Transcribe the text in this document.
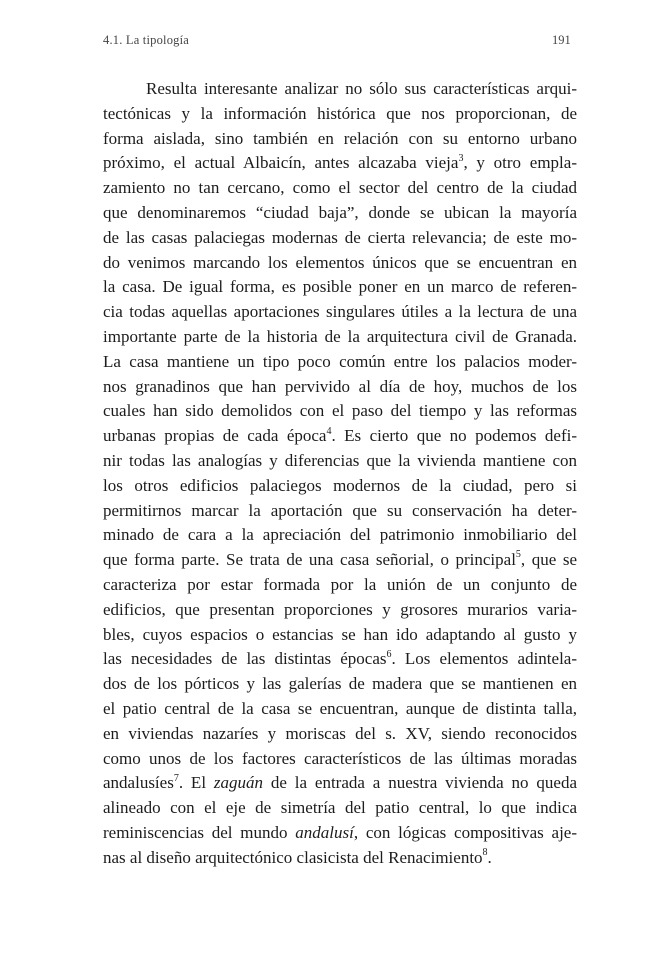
4.1. La tipología	191
Resulta interesante analizar no sólo sus características arqui-
tectónicas y la información histórica que nos proporcionan, de
forma aislada, sino también en relación con su entorno urbano
próximo, el actual Albaicín, antes alcazaba vieja$^3$, y otro empla-
zamiento no tan cercano, como el sector del centro de la ciudad
que denominaremos “ciudad baja”, donde se ubican la mayoría
de las casas palaciegas modernas de cierta relevancia; de este mo-
do venimos marcando los elementos únicos que se encuentran en
la casa. De igual forma, es posible poner en un marco de referen-
cia todas aquellas aportaciones singulares útiles a la lectura de una
importante parte de la historia de la arquitectura civil de Granada.
La casa mantiene un tipo poco común entre los palacios moder-
nos granadinos que han pervivido al día de hoy, muchos de los
cuales han sido demolidos con el paso del tiempo y las reformas
urbanas propias de cada época$^4$. Es cierto que no podemos defi-
nir todas las analogías y diferencias que la vivienda mantiene con
los otros edificios palaciegos modernos de la ciudad, pero si
permitirnos marcar la aportación que su conservación ha deter-
minado de cara a la apreciación del patrimonio inmobiliario del
que forma parte. Se trata de una casa señorial, o principal$^5$, que se
caracteriza por estar formada por la unión de un conjunto de
edificios, que presentan proporciones y grosores murarios varia-
bles, cuyos espacios o estancias se han ido adaptando al gusto y
las necesidades de las distintas épocas$^6$. Los elementos adintela-
dos de los pórticos y las galerías de madera que se mantienen en
el patio central de la casa se encuentran, aunque de distinta talla,
en viviendas nazaríes y moriscas del s. XV, siendo reconocidos
como unos de los factores característicos de las últimas moradas
andalusíes$^7$. El zaguán de la entrada a nuestra vivienda no queda
alineado con el eje de simetría del patio central, lo que indica
reminiscencias del mundo andalusí, con lógicas compositivas aje-
nas al diseño arquitectónico clasicista del Renacimiento$^8$.
